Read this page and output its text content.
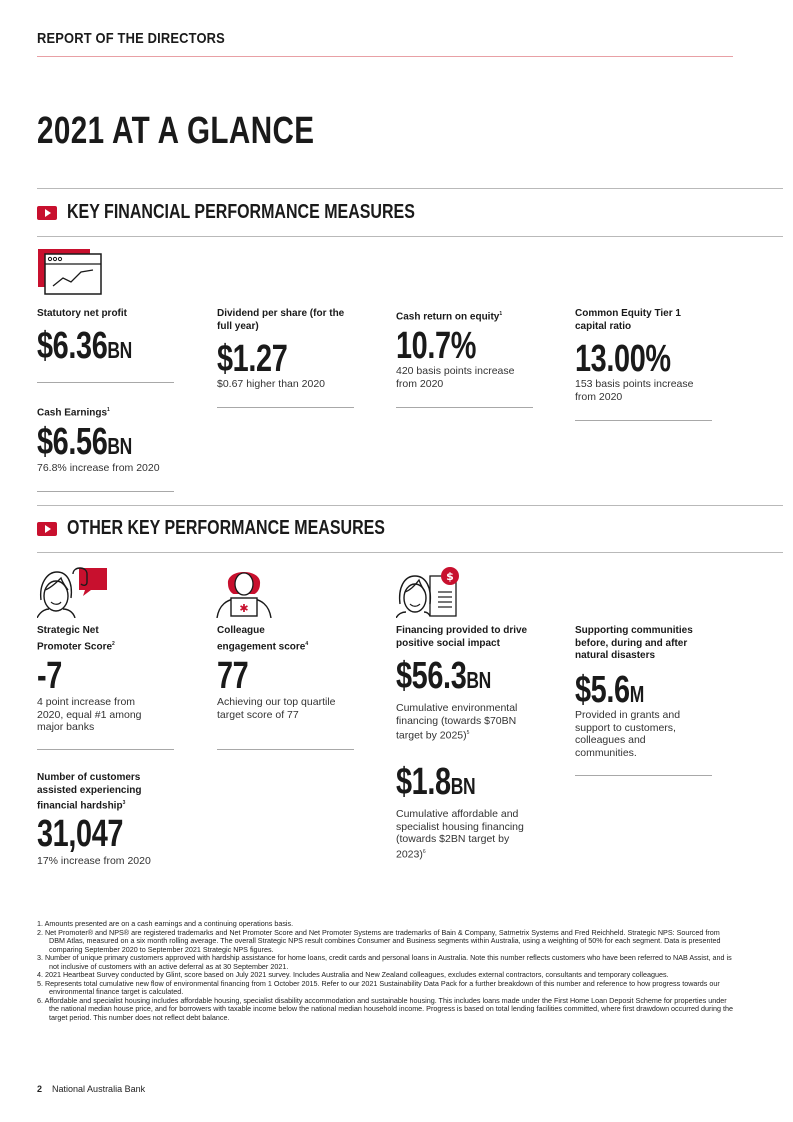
REPORT OF THE DIRECTORS
2021 AT A GLANCE
KEY FINANCIAL PERFORMANCE MEASURES
Statutory net profit
$6.36BN
Cash Earnings$^1$
$6.56BN
76.8% increase from 2020
Dividend per share (for the full year)
$1.27
$0.67 higher than 2020
Cash return on equity$^1$
10.7%
420 basis points increase from 2020
Common Equity Tier 1 capital ratio
13.00%
153 basis points increase from 2020
OTHER KEY PERFORMANCE MEASURES
Strategic Net
Promoter Score$^2$
-7
4 point increase from 2020, equal #1 among major banks
Number of customers assisted experiencing financial hardship$^3$
31,047
17% increase from 2020
✱
Colleague
engagement score$^4$
77
Achieving our top quartile target score of 77
$
Financing provided to drive positive social impact
$56.3BN
Cumulative environmental financing (towards $70BN target by 2025)$^5$
$1.8BN
Cumulative affordable and specialist housing financing (towards $2BN target by 2023)$^6$
Supporting communities before, during and after natural disasters
$5.6M
Provided in grants and support to customers, colleagues and communities.

1. Amounts presented are on a cash earnings and a continuing operations basis.

2. Net Promoter® and NPS® are registered trademarks and Net Promoter Score and Net Promoter Systems are trademarks of Bain & Company, Satmetrix Systems and Fred Reichheld. Strategic NPS: Sourced from DBM Atlas, measured on a six month rolling average. The overall Strategic NPS result combines Consumer and Business segments within Australia, using a weighting of 50% for each segment. Data is presented comparing September 2020 to September 2021 Strategic NPS figures.

3. Number of unique primary customers approved with hardship assistance for home loans, credit cards and personal loans in Australia. Note this number reflects customers who have been referred to NAB Assist, and is not inclusive of customers with an active deferral as at 30 September 2021.

4. 2021 Heartbeat Survey conducted by Glint, score based on July 2021 survey. Includes Australia and New Zealand colleagues, excludes external contractors, consultants and temporary colleagues.

5. Represents total cumulative new flow of environmental financing from 1 October 2015. Refer to our 2021 Sustainability Data Pack for a further breakdown of this number and reference to how progress towards our environmental finance target is calculated.

6. Affordable and specialist housing includes affordable housing, specialist disability accommodation and sustainable housing. This includes loans made under the First Home Loan Deposit Scheme for properties under the national median house price, and for borrowers with taxable income below the national median household income. Progress is based on total lending facilities committed, where first drawdown occurred during the target period. This number does not reflect debt balance.

2 National Australia Bank
